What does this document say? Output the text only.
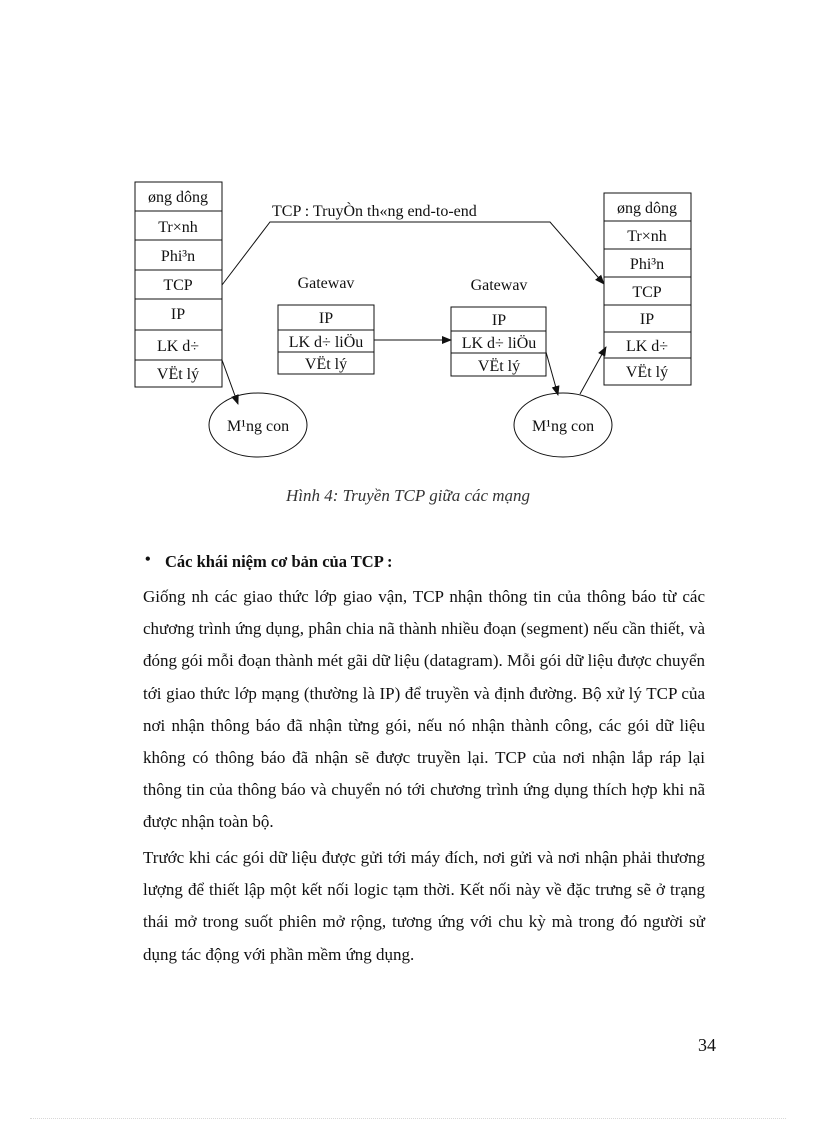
øng dông
Tr×nh
Phi³n
TCP
IP
LK d÷
VËt lý
øng dông
Tr×nh
Phi³n
TCP
IP
LK d÷
VËt lý
Gatewav
IP
LK d÷ liÖu
VËt lý
Gatewav
IP
LK d÷ liÖu
VËt lý
TCP : TruyÒn th«ng end-to-end
M¹ng con	M¹ng con
Hình 4: Truyền TCP giữa các mạng
• Các khái niệm cơ bản của TCP :

Giống nh các giao thức lớp giao vận, TCP nhận thông tin của thông báo từ các chương trình ứng dụng, phân chia nã thành nhiều đoạn (segment) nếu cần thiết, và đóng gói mỗi đoạn thành mét gãi dữ liệu (datagram). Mỗi gói dữ liệu được chuyển tới giao thức lớp mạng (thường là IP) để truyền và định đường. Bộ xử lý TCP của nơi nhận thông báo đã nhận từng gói, nếu nó nhận thành công, các gói dữ liệu không có thông báo đã nhận sẽ được truyền lại. TCP của nơi nhận lắp ráp lại thông tin của thông báo và chuyển nó tới chương trình ứng dụng thích hợp khi nã được nhận toàn bộ.

Trước khi các gói dữ liệu được gửi tới máy đích, nơi gửi và nơi nhận phải thương lượng để thiết lập một kết nối logic tạm thời. Kết nối này về đặc trưng sẽ ở trạng thái mở trong suốt phiên mở rộng, tương ứng với chu kỳ mà trong đó người sử dụng tác động với phần mềm ứng dụng.

34
